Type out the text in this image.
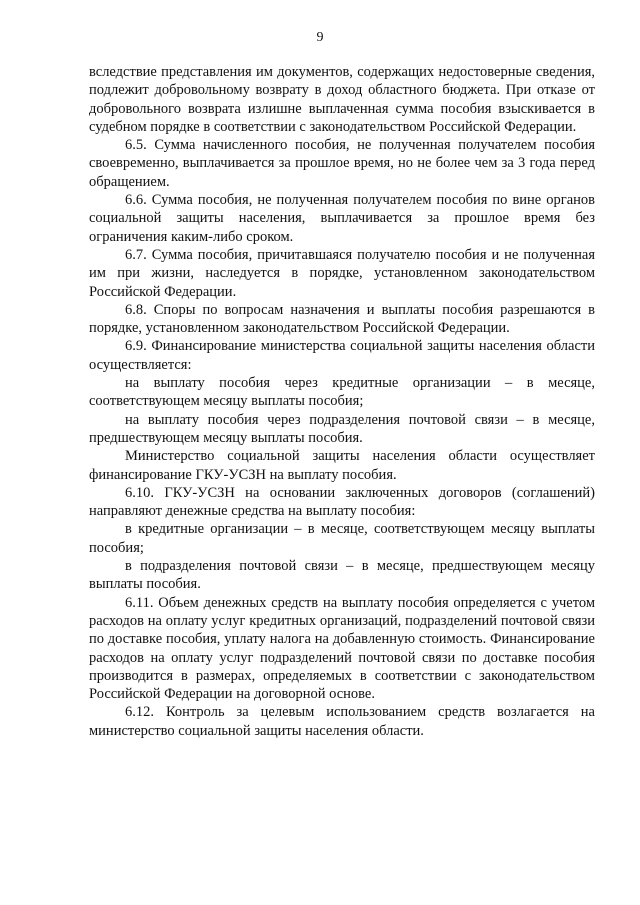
9

вследствие представления им документов, содержащих недостоверные сведения, подлежит добровольному возврату в доход областного бюджета. При отказе от добровольного возврата излишне выплаченная сумма пособия взыскивается в судебном порядке в соответствии с законодательством Российской Федерации.

6.5. Сумма начисленного пособия, не полученная получателем пособия своевременно, выплачивается за прошлое время, но не более чем за 3 года перед обращением.

6.6. Сумма пособия, не полученная получателем пособия по вине органов социальной защиты населения, выплачивается за прошлое время без ограничения каким-либо сроком.

6.7. Сумма пособия, причитавшаяся получателю пособия и не полученная им при жизни, наследуется в порядке, установленном законодательством Российской Федерации.

6.8. Споры по вопросам назначения и выплаты пособия разрешаются в порядке, установленном законодательством Российской Федерации.

6.9. Финансирование министерства социальной защиты населения области осуществляется:

на выплату пособия через кредитные организации – в месяце, соответствующем месяцу выплаты пособия;

на выплату пособия через подразделения почтовой связи – в месяце, предшествующем месяцу выплаты пособия.

Министерство социальной защиты населения области осуществляет финансирование ГКУ-УСЗН на выплату пособия.

6.10. ГКУ-УСЗН на основании заключенных договоров (соглашений) направляют денежные средства на выплату пособия:

в кредитные организации – в месяце, соответствующем месяцу выплаты пособия;

в подразделения почтовой связи – в месяце, предшествующем месяцу выплаты пособия.

6.11. Объем денежных средств на выплату пособия определяется с учетом расходов на оплату услуг кредитных организаций, подразделений почтовой связи по доставке пособия, уплату налога на добавленную стоимость. Финансирование расходов на оплату услуг подразделений почтовой связи по доставке пособия производится в размерах, определяемых в соответствии с законодательством Российской Федерации на договорной основе.

6.12. Контроль за целевым использованием средств возлагается на министерство социальной защиты населения области.
